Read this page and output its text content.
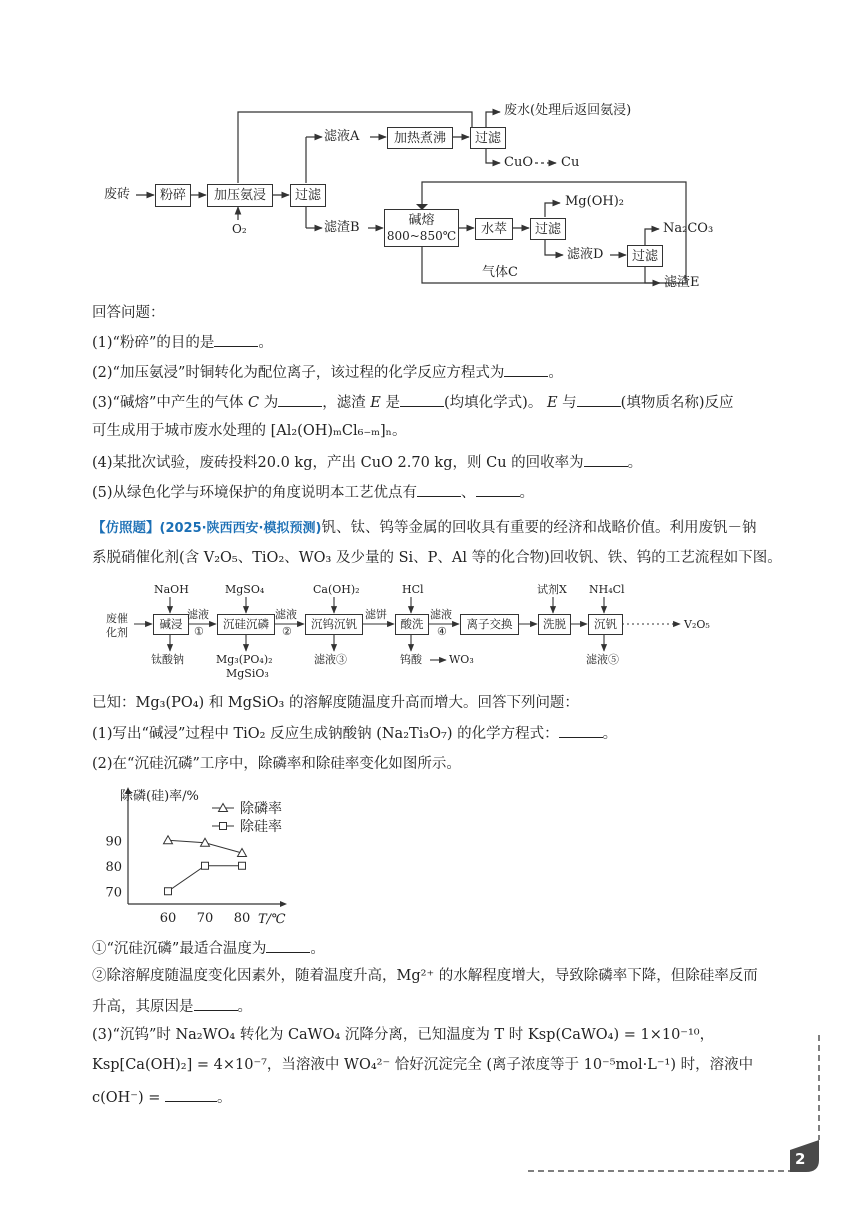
废砖	粉碎	加压氨浸
O₂
过滤
滤液A	加热煮沸	过滤
废水(处理后返回氨浸)
CuO Cu
滤渣B	碱熔
800~850℃	水萃	过滤
Mg(OH)₂
滤液D	过滤
Na₂CO₃
滤渣E
气体C
回答问题：
(1)“粉碎”的目的是	。
(2)“加压氨浸”时铜转化为配位离子，该过程的化学反应方程式为	。
(3)“碱熔”中产生的气体 C 为	，滤渣 E 是	(均填化学式)。 E 与	(填物质名称)反应
可生成用于城市废水处理的 [Al₂(OH)ₘCl₆₋ₘ]ₙ。
(4)某批次试验，废砖投料20.0 kg，产出 CuO 2.70 kg，则 Cu 的回收率为	。
(5)从绿色化学与环境保护的角度说明本工艺优点有	、	。
【仿照题】(2025·陕西西安·模拟预测)钒、钛、钨等金属的回收具有重要的经济和战略价值。利用废钒－钠
系脱硝催化剂(含 V₂O₅、TiO₂、WO₃ 及少量的 Si、P、Al 等的化合物)回收钒、铁、钨的工艺流程如下图。
废催
化剂
NaOH
碱浸
滤液
①
钛酸钠
MgSO₄
沉硅沉磷
Mg₃(PO₄)₂
MgSiO₃
滤液
②
Ca(OH)₂
沉钨沉钒
滤液③
滤饼
HCl
酸洗
钨酸 WO₃
滤液
④
离子交换
试剂X
洗脱
NH₄Cl
沉钒
滤液⑤
V₂O₅
已知：Mg₃(PO₄) 和 MgSiO₃ 的溶解度随温度升高而增大。回答下列问题：
(1)写出“碱浸”过程中 TiO₂ 反应生成钠酸钠 (Na₂Ti₃O₇) 的化学方程式：	。
(2)在“沉硅沉磷”工序中，除磷率和除硅率变化如图所示。
除磷(硅)率/%
T/℃
70
80
90
60 70 80
除磷率
除硅率
①“沉硅沉磷”最适合温度为	。
②除溶解度随温度变化因素外，随着温度升高，Mg²⁺ 的水解程度增大，导致除磷率下降，但除硅率反而
升高，其原因是	。
(3)“沉钨”时 Na₂WO₄ 转化为 CaWO₄ 沉降分离，已知温度为 T 时 Ksp(CaWO₄) = 1×10⁻¹⁰，
Ksp[Ca(OH)₂] = 4×10⁻⁷，当溶液中 WO₄²⁻ 恰好沉淀完全 (离子浓度等于 10⁻⁵mol·L⁻¹) 时，溶液中
c(OH⁻) =	。
2
